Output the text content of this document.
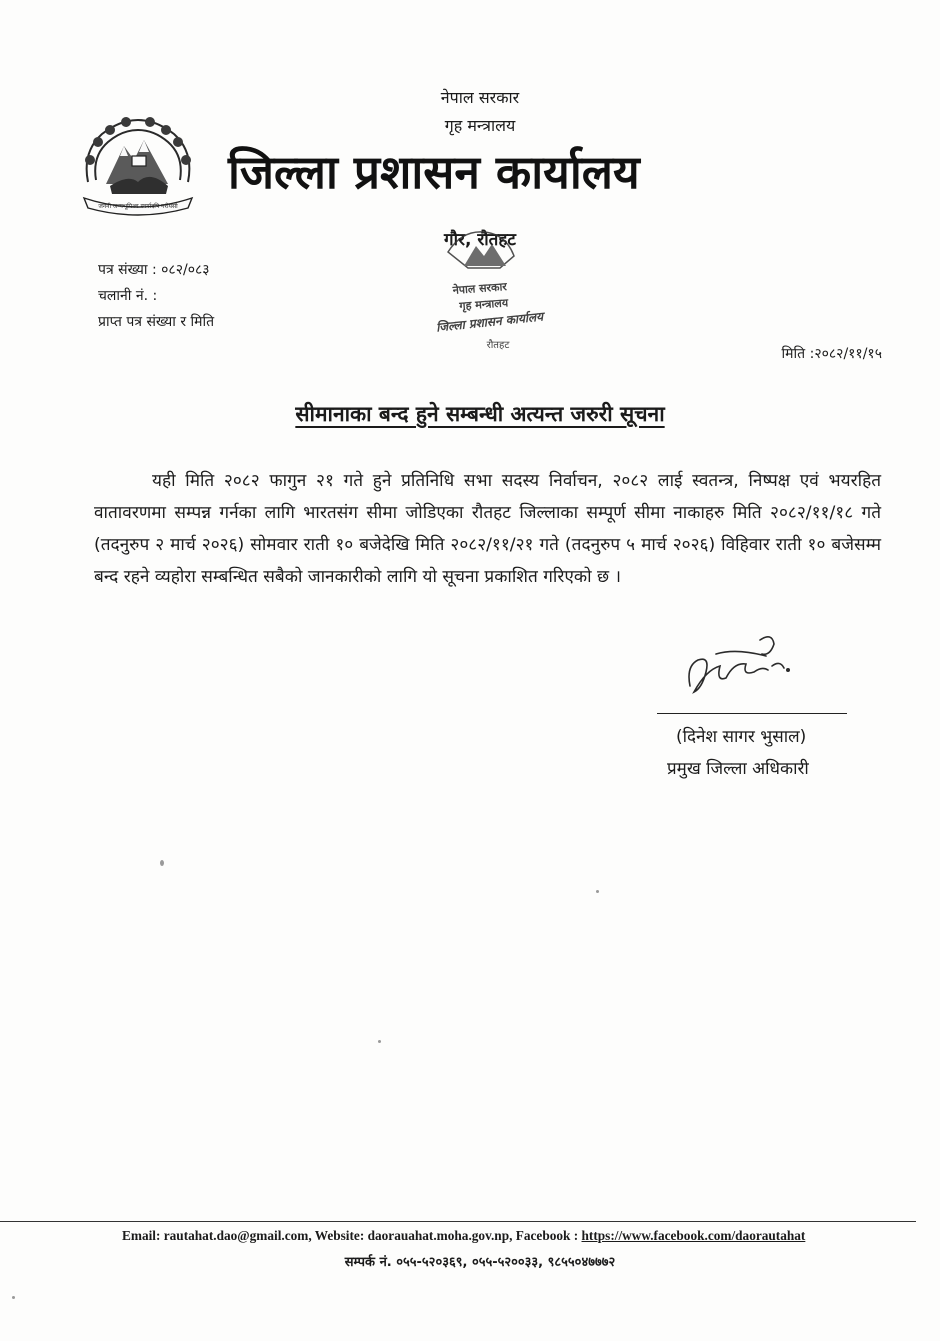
जननी जन्मभूमिश्च स्वर्गादपि गरीयसी
नेपाल सरकार
गृह मन्त्रालय
जिल्ला प्रशासन कार्यालय
गौर, रौतहट
नेपाल सरकार
गृह मन्त्रालय
जिल्ला प्रशासन कार्यालय
रौतहट
पत्र संख्या : ०८२/०८३
चलानी नं. :
प्राप्त पत्र संख्या र मिति
मिति :२०८२/११/१५
सीमानाका बन्द हुने सम्बन्धी अत्यन्त जरुरी सूचना
यही मिति २०८२ फागुन २१ गते हुने प्रतिनिधि सभा सदस्य निर्वाचन, २०८२ लाई स्वतन्त्र, निष्पक्ष एवं भयरहित वातावरणमा सम्पन्न गर्नका लागि भारतसंग सीमा जोडिएका रौतहट जिल्लाका सम्पूर्ण सीमा नाकाहरु मिति २०८२/११/१८ गते (तदनुरुप २ मार्च २०२६) सोमवार राती १० बजेदेखि मिति २०८२/११/२१ गते (तदनुरुप ५ मार्च २०२६) विहिवार राती १० बजेसम्म बन्द रहने व्यहोरा सम्बन्धित सबैको जानकारीको लागि यो सूचना प्रकाशित गरिएको छ ।
(दिनेश सागर भुसाल)
प्रमुख जिल्ला अधिकारी
Email: rautahat.dao@gmail.com, Website: daorauahat.moha.gov.np, Facebook : https://www.facebook.com/daorautahat
सम्पर्क नं. ०५५-५२०३६९, ०५५-५२००३३, ९८५५०४७७७२
